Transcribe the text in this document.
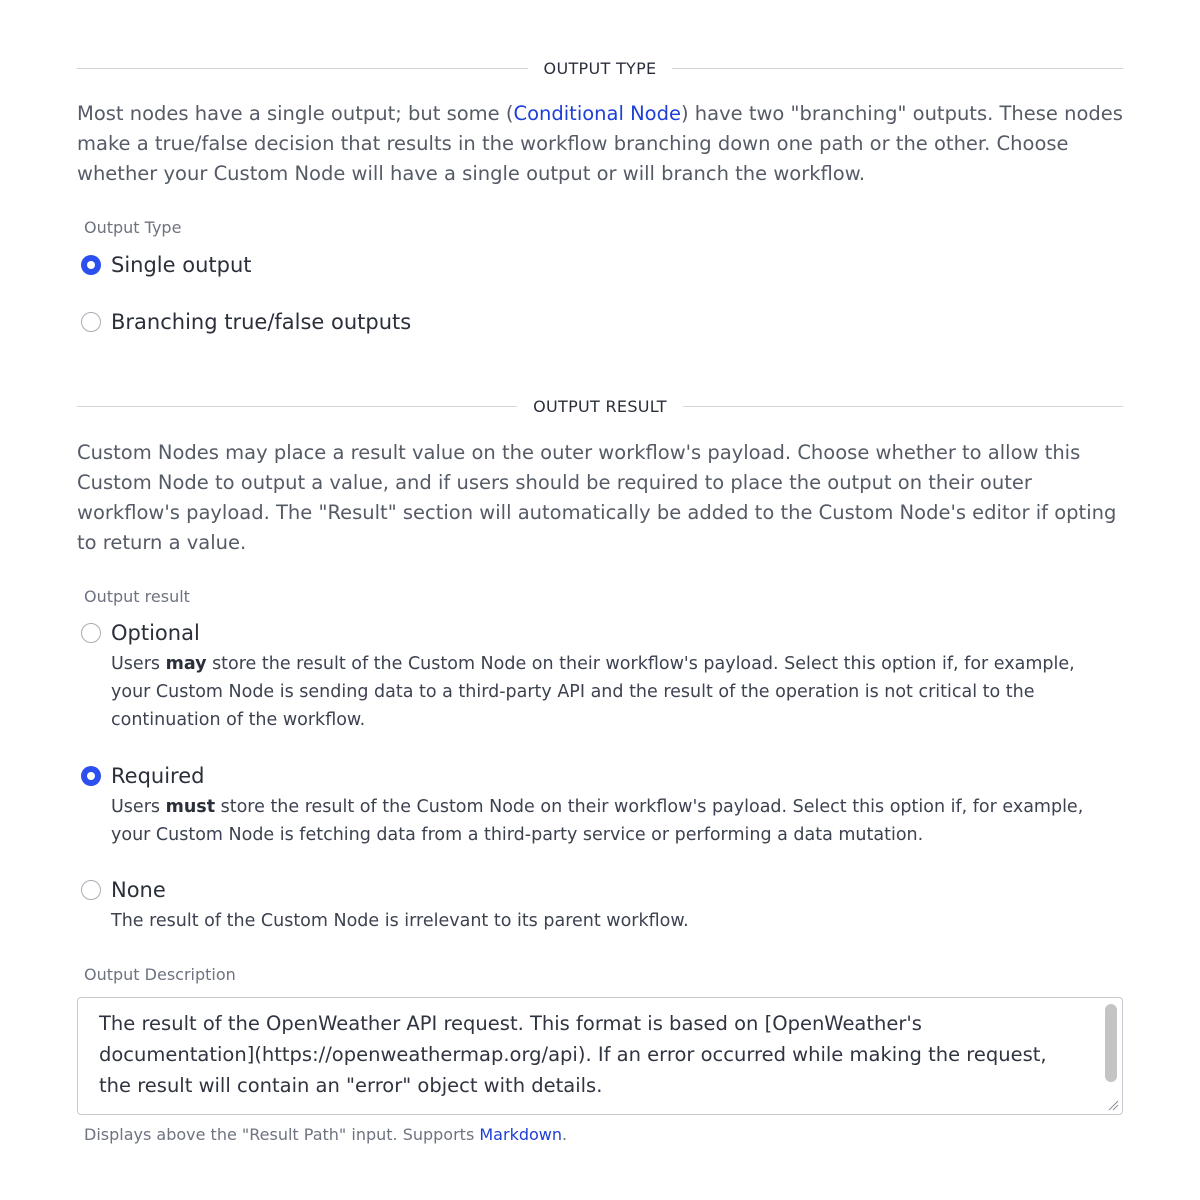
OUTPUT TYPE

Most nodes have a single output; but some (Conditional Node) have two "branching" outputs. These nodes make a true/false decision that results in the workflow branching down one path or the other. Choose whether your Custom Node will have a single output or will branch the workflow.

Output Type
Single output
Branching true/false outputs
OUTPUT RESULT

Custom Nodes may place a result value on the outer workflow's payload. Choose whether to allow this Custom Node to output a value, and if users should be required to place the output on their outer workflow's payload. The "Result" section will automatically be added to the Custom Node's editor if opting to return a value.

Output result
Optional

Users may store the result of the Custom Node on their workflow's payload. Select this option if, for example, your Custom Node is sending data to a third-party API and the result of the operation is not critical to the continuation of the workflow.

Required

Users must store the result of the Custom Node on their workflow's payload. Select this option if, for example, your Custom Node is fetching data from a third-party service or performing a data mutation.

None

The result of the Custom Node is irrelevant to its parent workflow.

Output Description
The result of the OpenWeather API request. This format is based on [OpenWeather's documentation](https://openweathermap.org/api). If an error occurred while making the request, the result will contain an "error" object with details.
Displays above the "Result Path" input. Supports Markdown.
